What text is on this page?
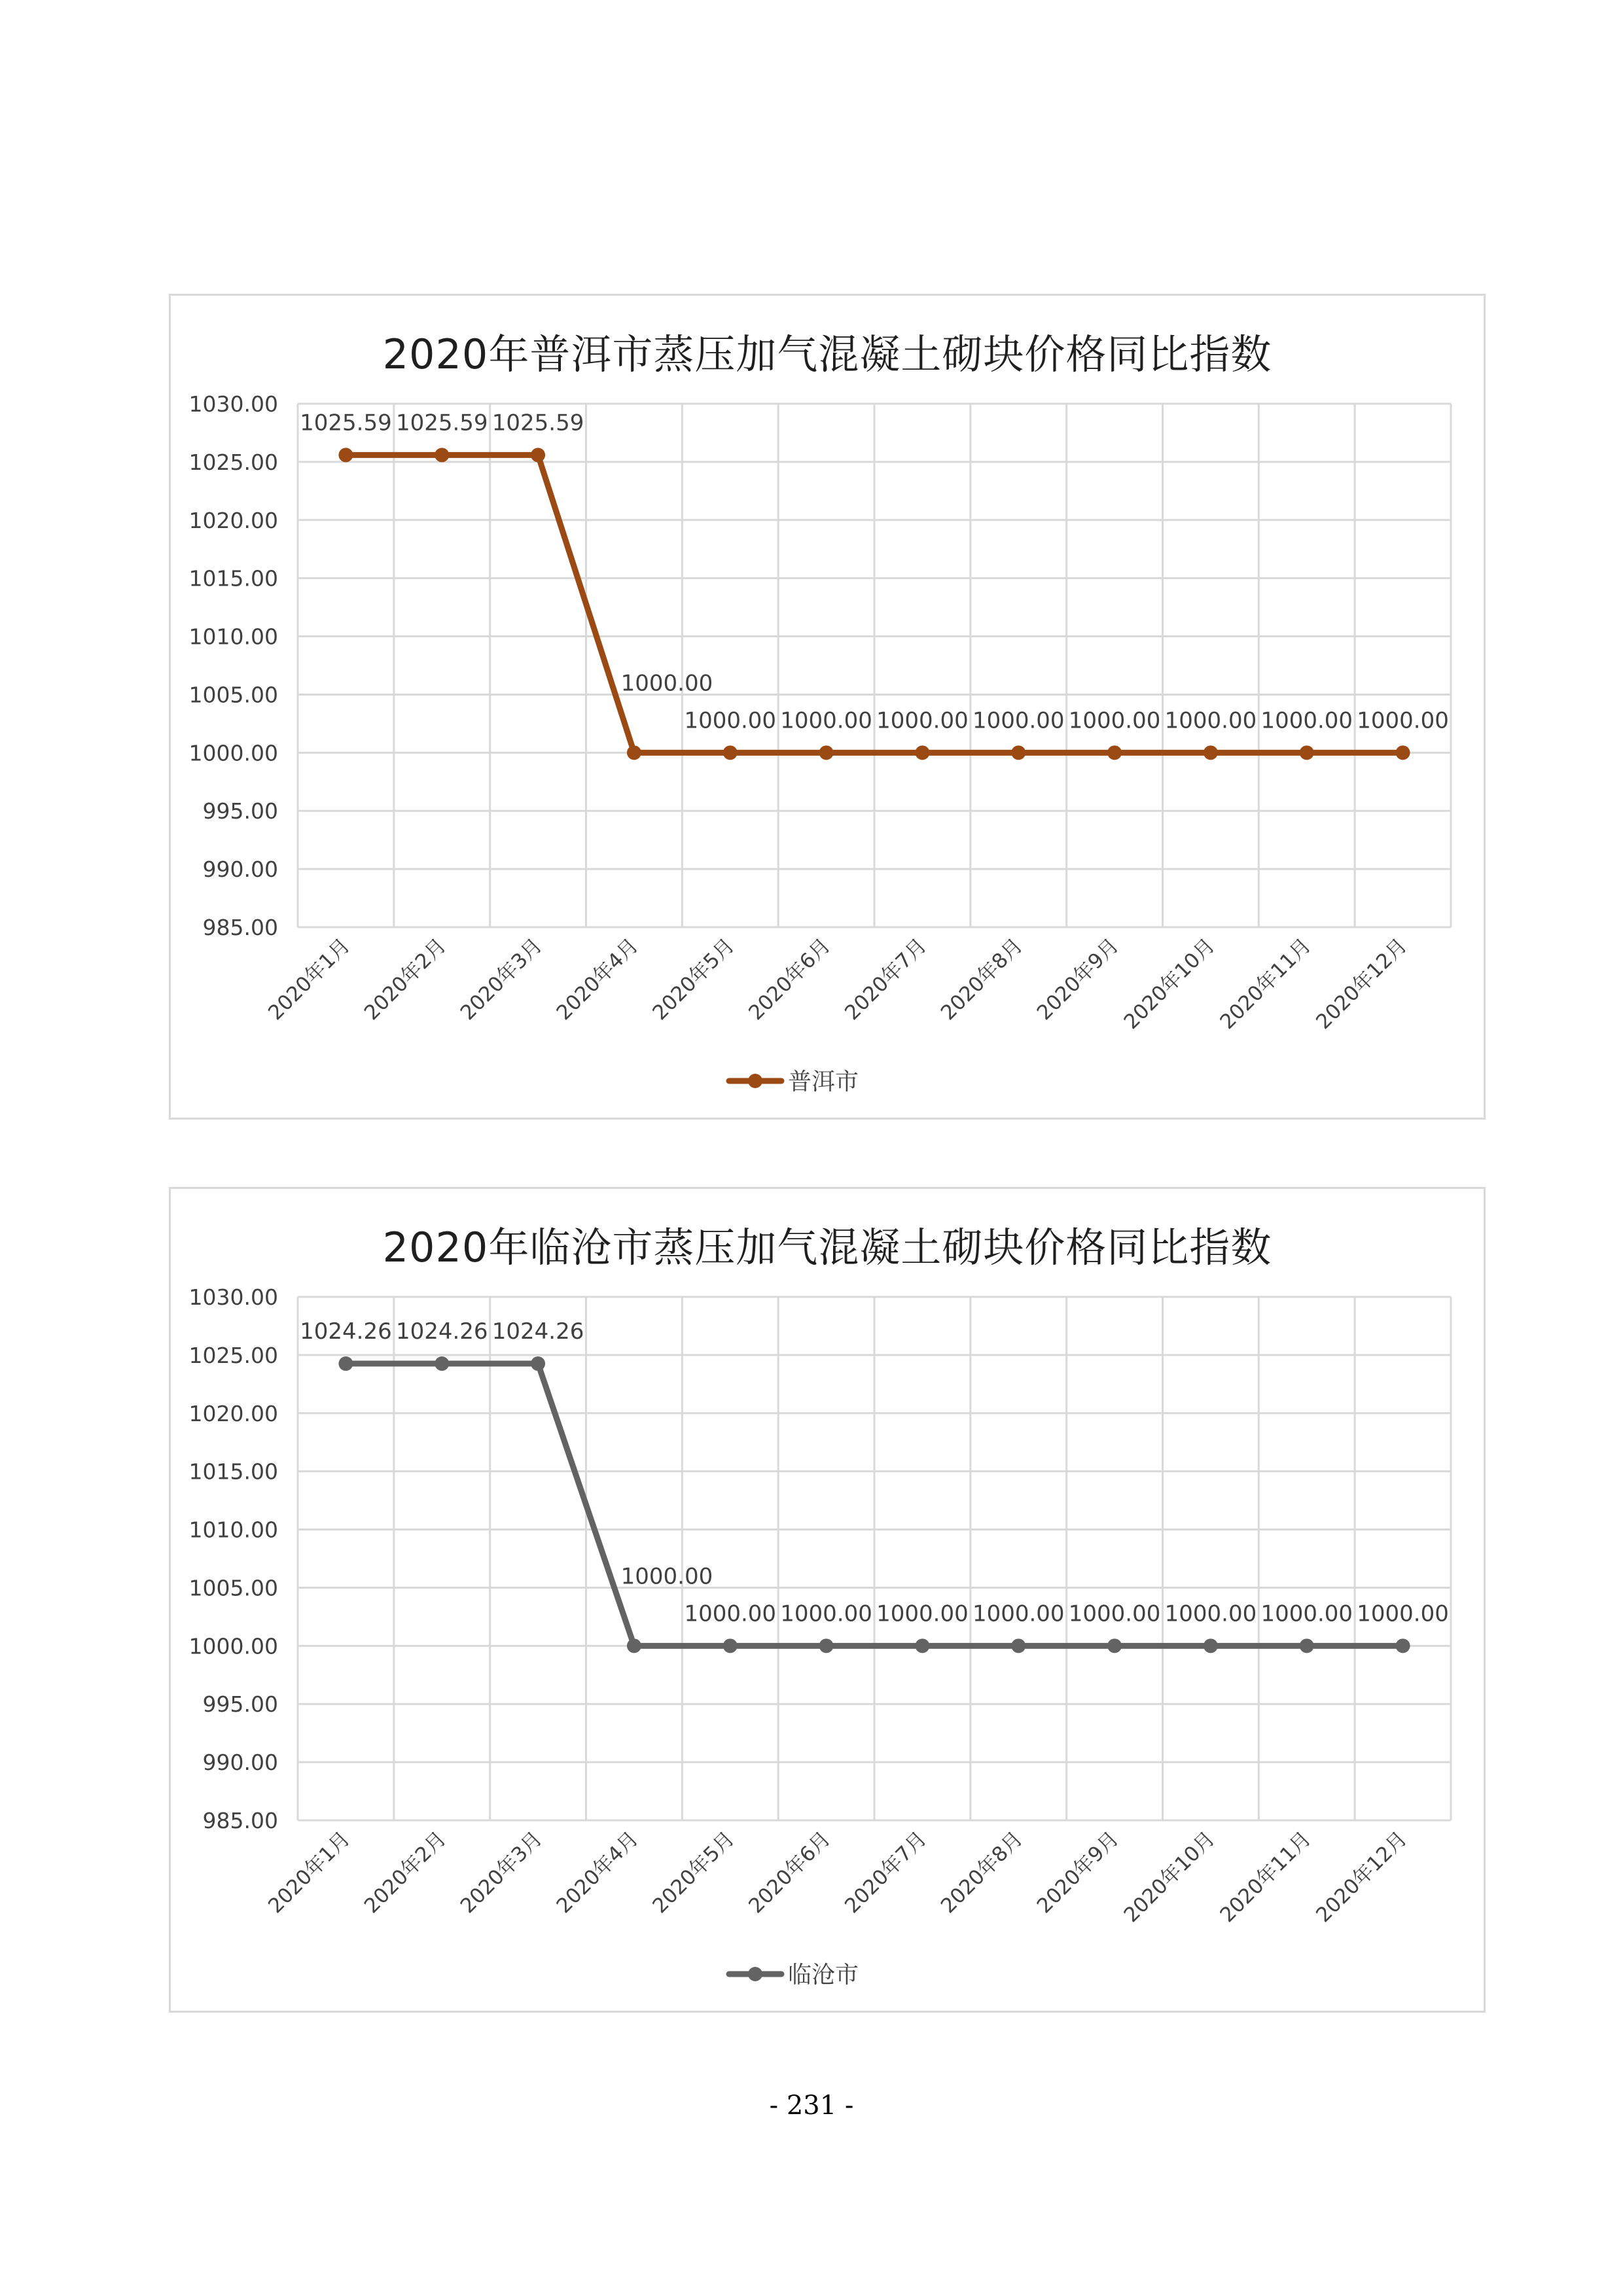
2020年普洱市蒸压加气混凝土砌块价格同比指数
985.00
990.00
995.00
1000.00
1005.00
1010.00
1015.00
1020.00
1025.00
1030.00
2020年1月 2020年2月 2020年3月 2020年4月 2020年5月 2020年6月 2020年7月 2020年8月 2020年9月
2020年10月
2020年11月
2020年12月
1025.59 1025.59 1025.59
1000.00
1000.00 1000.00 1000.00 1000.00 1000.00 1000.00 1000.00 1000.00
普洱市
2020年临沧市蒸压加气混凝土砌块价格同比指数
985.00
990.00
995.00
1000.00
1005.00
1010.00
1015.00
1020.00
1025.00
1030.00
2020年1月 2020年2月 2020年3月 2020年4月 2020年5月 2020年6月 2020年7月 2020年8月 2020年9月
2020年10月
2020年11月
2020年12月
1024.26 1024.26 1024.26
1000.00
1000.00 1000.00 1000.00 1000.00 1000.00 1000.00 1000.00 1000.00
临沧市
- 231 -
